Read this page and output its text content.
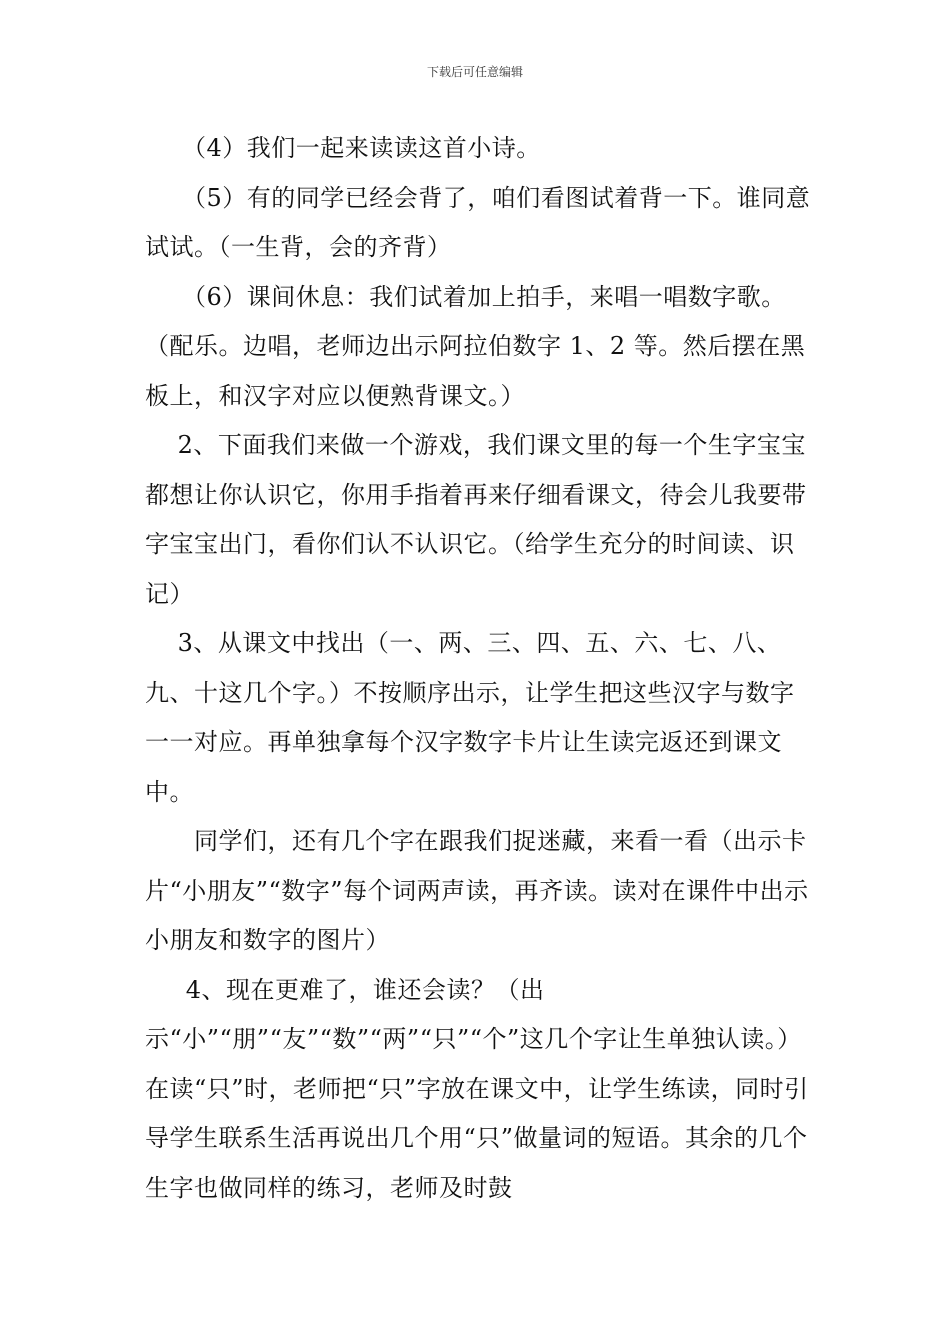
下载后可任意编辑

　　（4）我们一起来读读这首小诗。

　　（5）有的同学已经会背了，咱们看图试着背一下。谁同意试试。（一生背，会的齐背）

　　（6）课间休息：我们试着加上拍手，来唱一唱数字歌。（配乐。边唱，老师边出示阿拉伯数字 1、2 等。然后摆在黑板上，和汉字对应以便熟背课文。）

　 2、下面我们来做一个游戏，我们课文里的每一个生字宝宝都想让你认识它，你用手指着再来仔细看课文，待会儿我要带字宝宝出门，看你们认不认识它。（给学生充分的时间读、识记）

　 3、从课文中找出（一、两、三、四、五、六、七、八、九、十这几个字。）不按顺序出示，让学生把这些汉字与数字一一对应。再单独拿每个汉字数字卡片让生读完返还到课文中。

　　同学们，还有几个字在跟我们捉迷藏，来看一看（出示卡片“小朋友”“数字”每个词两声读，再齐读。读对在课件中出示小朋友和数字的图片）

　  4、现在更难了，谁还会读？（出示“小”“朋”“友”“数”“两”“只”“个”这几个字让生单独认读。）在读“只”时，老师把“只”字放在课文中，让学生练读，同时引导学生联系生活再说出几个用“只”做量词的短语。其余的几个生字也做同样的练习，老师及时鼓
